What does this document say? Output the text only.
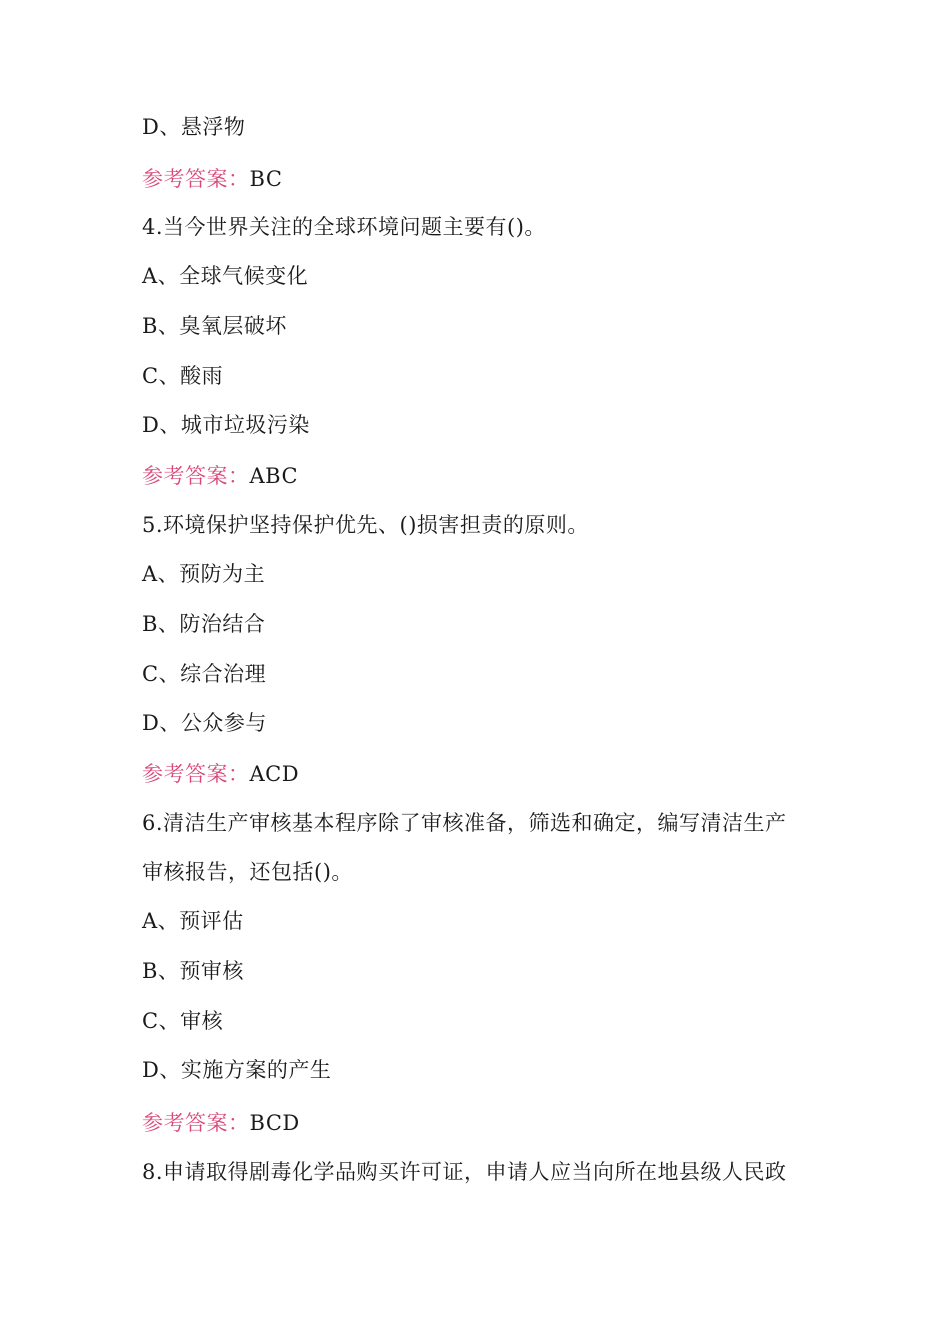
D、悬浮物
参考答案：BC
4.当今世界关注的全球环境问题主要有()。
A、全球气候变化
B、臭氧层破坏
C、酸雨
D、城市垃圾污染
参考答案：ABC
5.环境保护坚持保护优先、()损害担责的原则。
A、预防为主
B、防治结合
C、综合治理
D、公众参与
参考答案：ACD
6.清洁生产审核基本程序除了审核准备，筛选和确定，编写清洁生产
审核报告，还包括()。
A、预评估
B、预审核
C、审核
D、实施方案的产生
参考答案：BCD
8.申请取得剧毒化学品购买许可证，申请人应当向所在地县级人民政
